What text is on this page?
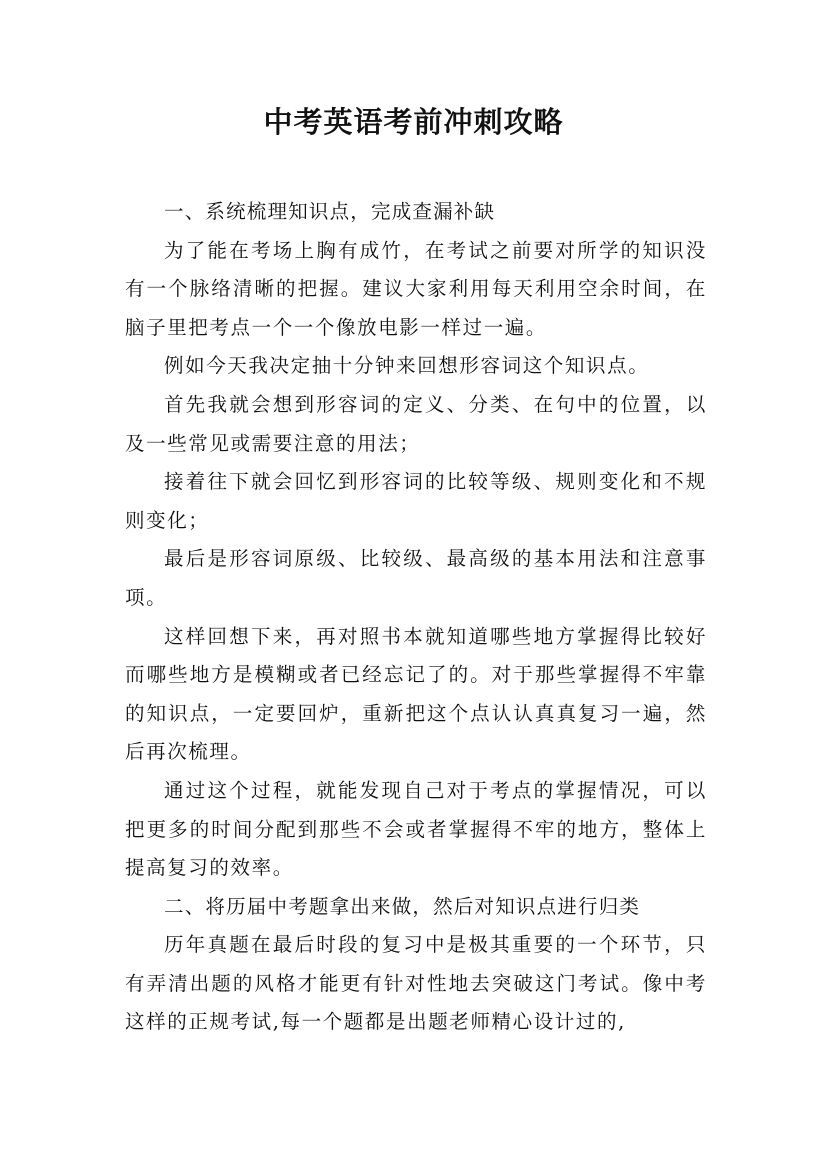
中考英语考前冲刺攻略

一、系统梳理知识点，完成查漏补缺

为了能在考场上胸有成竹，在考试之前要对所学的知识没有一个脉络清晰的把握。建议大家利用每天利用空余时间，在脑子里把考点一个一个像放电影一样过一遍。

例如今天我决定抽十分钟来回想形容词这个知识点。

首先我就会想到形容词的定义、分类、在句中的位置，以及一些常见或需要注意的用法；

接着往下就会回忆到形容词的比较等级、规则变化和不规则变化；

最后是形容词原级、比较级、最高级的基本用法和注意事项。

这样回想下来，再对照书本就知道哪些地方掌握得比较好而哪些地方是模糊或者已经忘记了的。对于那些掌握得不牢靠的知识点，一定要回炉，重新把这个点认认真真复习一遍，然后再次梳理。

通过这个过程，就能发现自己对于考点的掌握情况，可以把更多的时间分配到那些不会或者掌握得不牢的地方，整体上提高复习的效率。

二、将历届中考题拿出来做，然后对知识点进行归类

历年真题在最后时段的复习中是极其重要的一个环节，只有弄清出题的风格才能更有针对性地去突破这门考试。像中考这样的正规考试,每一个题都是出题老师精心设计过的,
